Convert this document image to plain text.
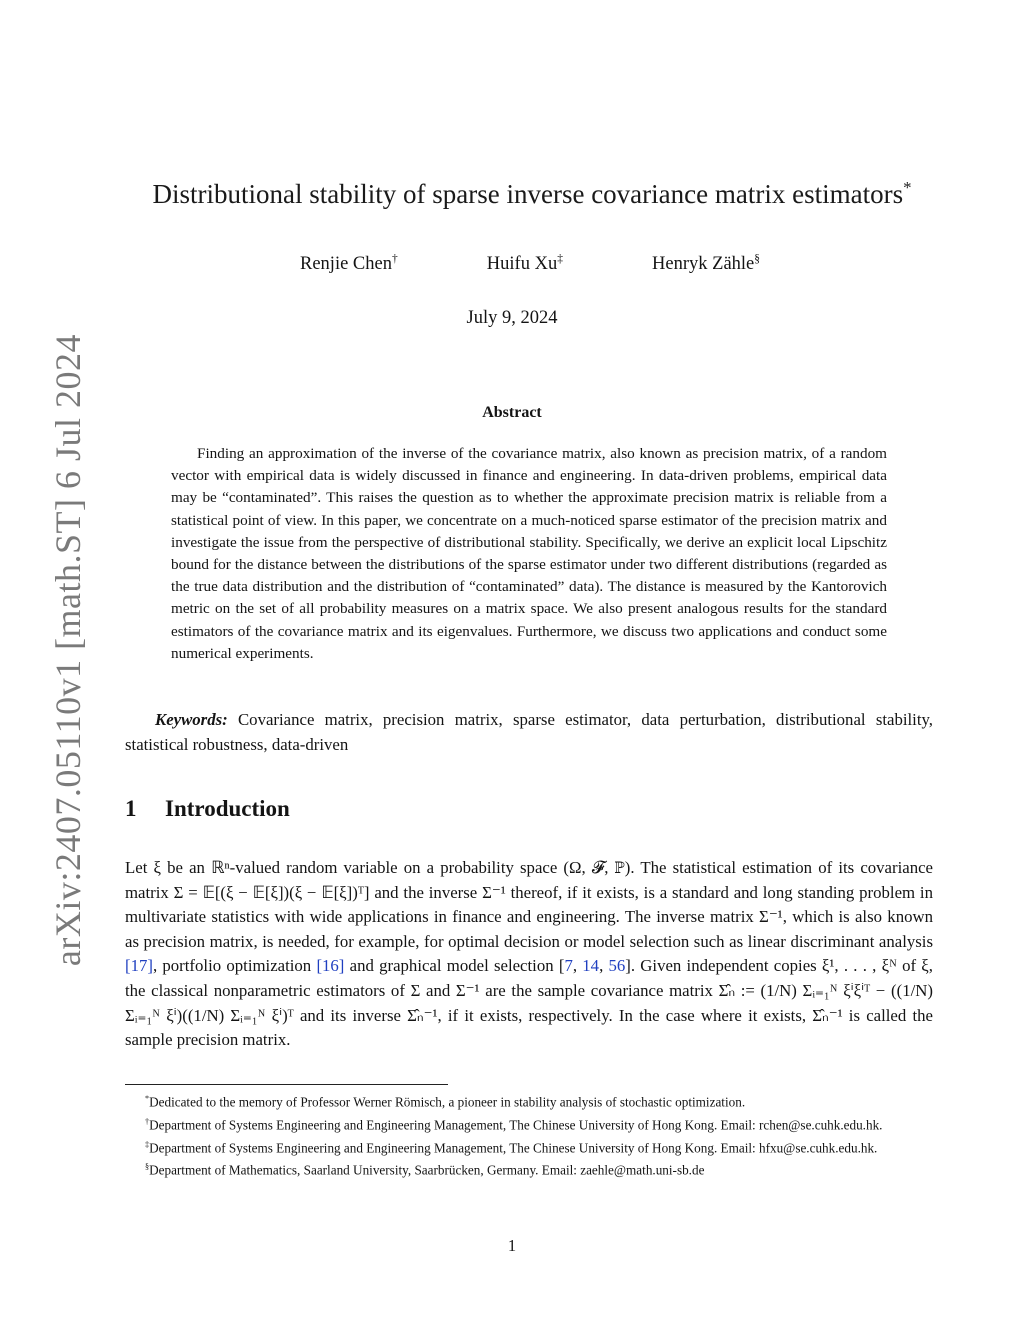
arXiv:2407.05110v1 [math.ST] 6 Jul 2024
Distributional stability of sparse inverse covariance matrix estimators*
Renjie Chen†	Huifu Xu‡	Henryk Zähle§
July 9, 2024
Abstract

Finding an approximation of the inverse of the covariance matrix, also known as precision matrix, of a random vector with empirical data is widely discussed in finance and engineering. In data-driven problems, empirical data may be “contaminated”. This raises the question as to whether the approximate precision matrix is reliable from a statistical point of view. In this paper, we concentrate on a much-noticed sparse estimator of the precision matrix and investigate the issue from the perspective of distributional stability. Specifically, we derive an explicit local Lipschitz bound for the distance between the distributions of the sparse estimator under two different distributions (regarded as the true data distribution and the distribution of “contaminated” data). The distance is measured by the Kantorovich metric on the set of all probability measures on a matrix space. We also present analogous results for the standard estimators of the covariance matrix and its eigenvalues. Furthermore, we discuss two applications and conduct some numerical experiments.

Keywords: Covariance matrix, precision matrix, sparse estimator, data perturbation, distributional stability, statistical robustness, data-driven

1 Introduction

Let ξ be an ℝⁿ-valued random variable on a probability space (Ω, 𝓕, ℙ). The statistical estimation of its covariance matrix Σ = 𝔼[(ξ − 𝔼[ξ])(ξ − 𝔼[ξ])ᵀ] and the inverse Σ⁻¹ thereof, if it exists, is a standard and long standing problem in multivariate statistics with wide applications in finance and engineering. The inverse matrix Σ⁻¹, which is also known as precision matrix, is needed, for example, for optimal decision or model selection such as linear discriminant analysis [17], portfolio optimization [16] and graphical model selection [7, 14, 56]. Given independent copies ξ¹, . . . , ξᴺ of ξ, the classical nonparametric estimators of Σ and Σ⁻¹ are the sample covariance matrix Σ̂ₙ := (1/N) Σᵢ₌₁ᴺ ξⁱξⁱᵀ − ((1/N) Σᵢ₌₁ᴺ ξⁱ)((1/N) Σᵢ₌₁ᴺ ξⁱ)ᵀ and its inverse Σ̂ₙ⁻¹, if it exists, respectively. In the case where it exists, Σ̂ₙ⁻¹ is called the sample precision matrix.

*Dedicated to the memory of Professor Werner Römisch, a pioneer in stability analysis of stochastic optimization.

†Department of Systems Engineering and Engineering Management, The Chinese University of Hong Kong. Email: rchen@se.cuhk.edu.hk.

‡Department of Systems Engineering and Engineering Management, The Chinese University of Hong Kong. Email: hfxu@se.cuhk.edu.hk.

§Department of Mathematics, Saarland University, Saarbrücken, Germany. Email: zaehle@math.uni-sb.de

1
